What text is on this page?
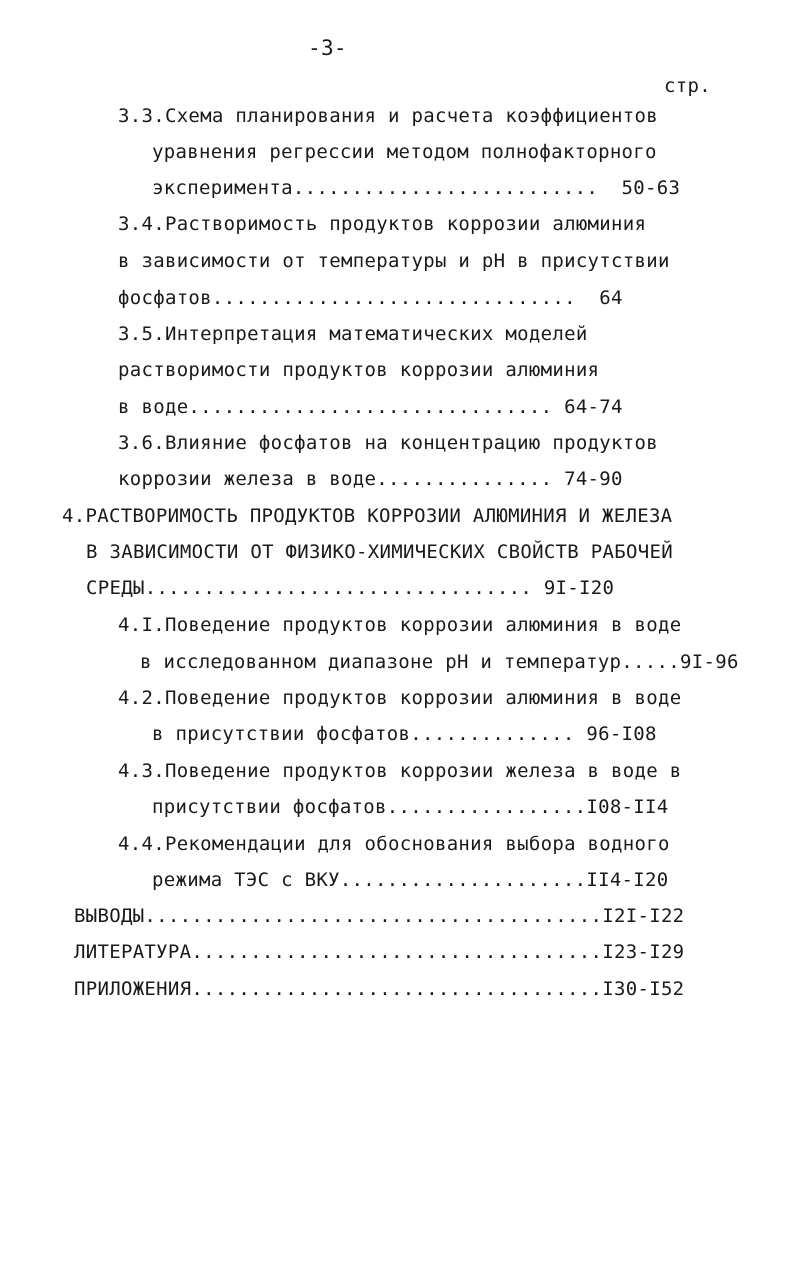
-3-
стр.
3.3.Схема планирования и расчета коэффициентов
уравнения регрессии методом полнофакторного
эксперимента..........................  50-63
3.4.Растворимость продуктов коррозии алюминия
в зависимости от температуры и pH в присутствии
фосфатов...............................  64
3.5.Интерпретация математических моделей
растворимости продуктов коррозии алюминия
в воде............................... 64-74
3.6.Влияние фосфатов на концентрацию продуктов
коррозии железа в воде............... 74-90
4.РАСТВОРИМОСТЬ ПРОДУКТОВ КОРРОЗИИ АЛЮМИНИЯ И ЖЕЛЕЗА
В ЗАВИСИМОСТИ ОТ ФИЗИКО-ХИМИЧЕСКИХ СВОЙСТВ РАБОЧЕЙ
СРЕДЫ................................. 9I-I20
4.I.Поведение продуктов коррозии алюминия в воде
в исследованном диапазоне pH и температур.....9I-96
4.2.Поведение продуктов коррозии алюминия в воде
в присутствии фосфатов.............. 96-I08
4.3.Поведение продуктов коррозии железа в воде в
присутствии фосфатов.................I08-II4
4.4.Рекомендации для обоснования выбора водного
режима ТЭС с ВКУ.....................II4-I20
ВЫВОДЫ.......................................I2I-I22
ЛИТЕРАТУРА...................................I23-I29
ПРИЛОЖЕНИЯ...................................I30-I52
